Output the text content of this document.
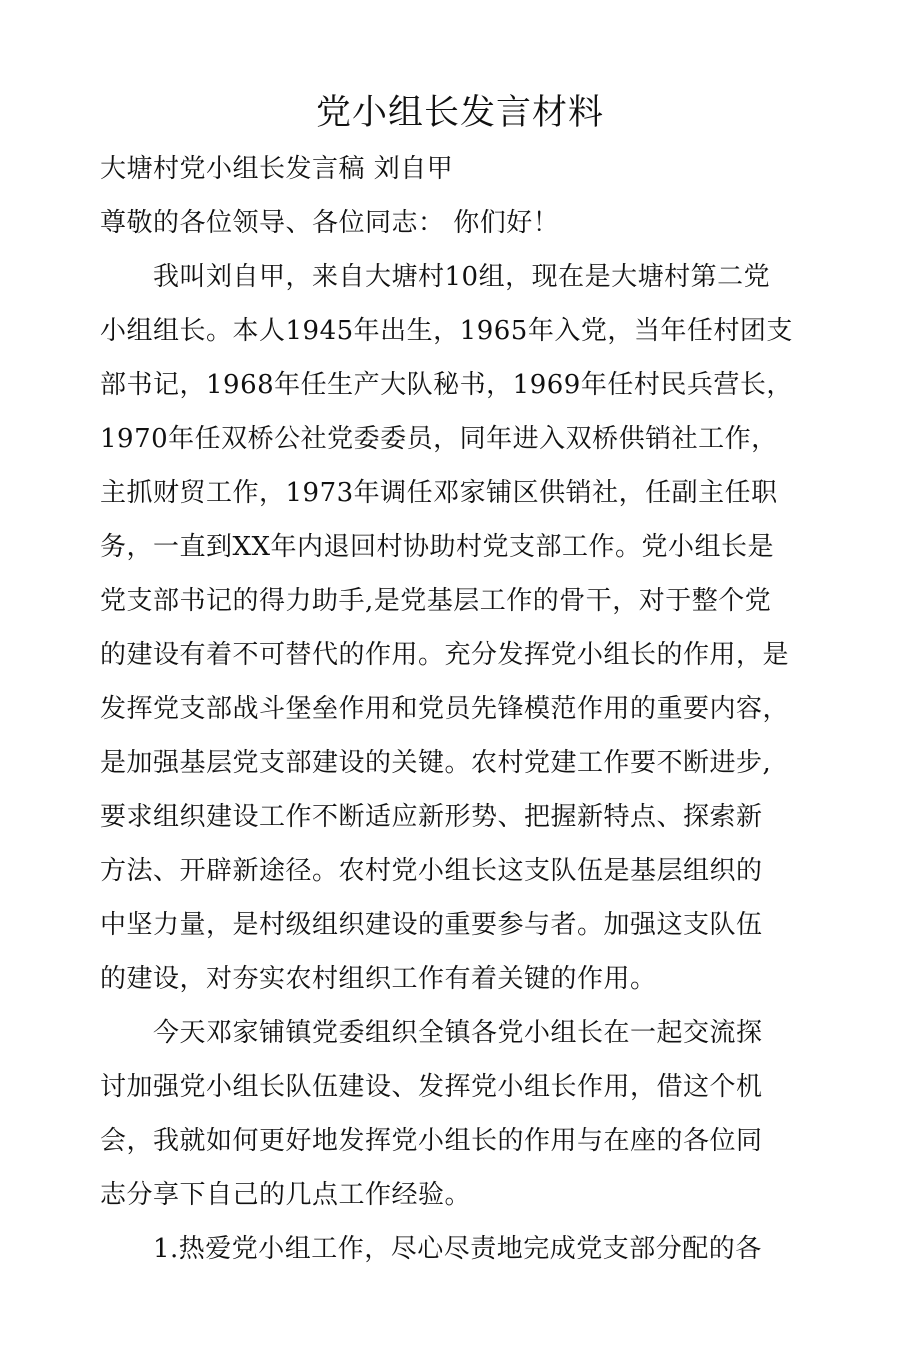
党小组长发言材料

大塘村党小组长发言稿 刘自甲

尊敬的各位领导、各位同志： 你们好！

我叫刘自甲，来自大塘村10组，现在是大塘村第二党

小组组长。本人1945年出生，1965年入党，当年任村团支

部书记，1968年任生产大队秘书，1969年任村民兵营长，

1970年任双桥公社党委委员，同年进入双桥供销社工作，

主抓财贸工作，1973年调任邓家铺区供销社，任副主任职

务，一直到XX年内退回村协助村党支部工作。党小组长是

党支部书记的得力助手,是党基层工作的骨干，对于整个党

的建设有着不可替代的作用。充分发挥党小组长的作用，是

发挥党支部战斗堡垒作用和党员先锋模范作用的重要内容，

是加强基层党支部建设的关键。农村党建工作要不断进步,

要求组织建设工作不断适应新形势、把握新特点、探索新

方法、开辟新途径。农村党小组长这支队伍是基层组织的

中坚力量，是村级组织建设的重要参与者。加强这支队伍

的建设，对夯实农村组织工作有着关键的作用。

今天邓家铺镇党委组织全镇各党小组长在一起交流探

讨加强党小组长队伍建设、发挥党小组长作用，借这个机

会，我就如何更好地发挥党小组长的作用与在座的各位同

志分享下自己的几点工作经验。

1.热爱党小组工作，尽心尽责地完成党支部分配的各
